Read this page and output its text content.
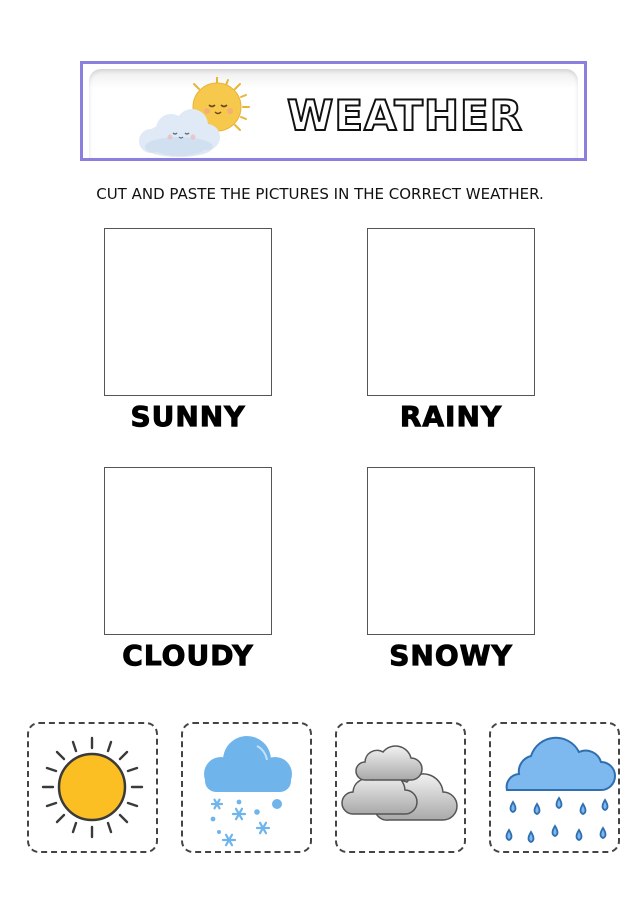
WEATHER
CUT AND PASTE THE PICTURES IN THE CORRECT WEATHER.
SUNNY	RAINY
CLOUDY	SNOWY
